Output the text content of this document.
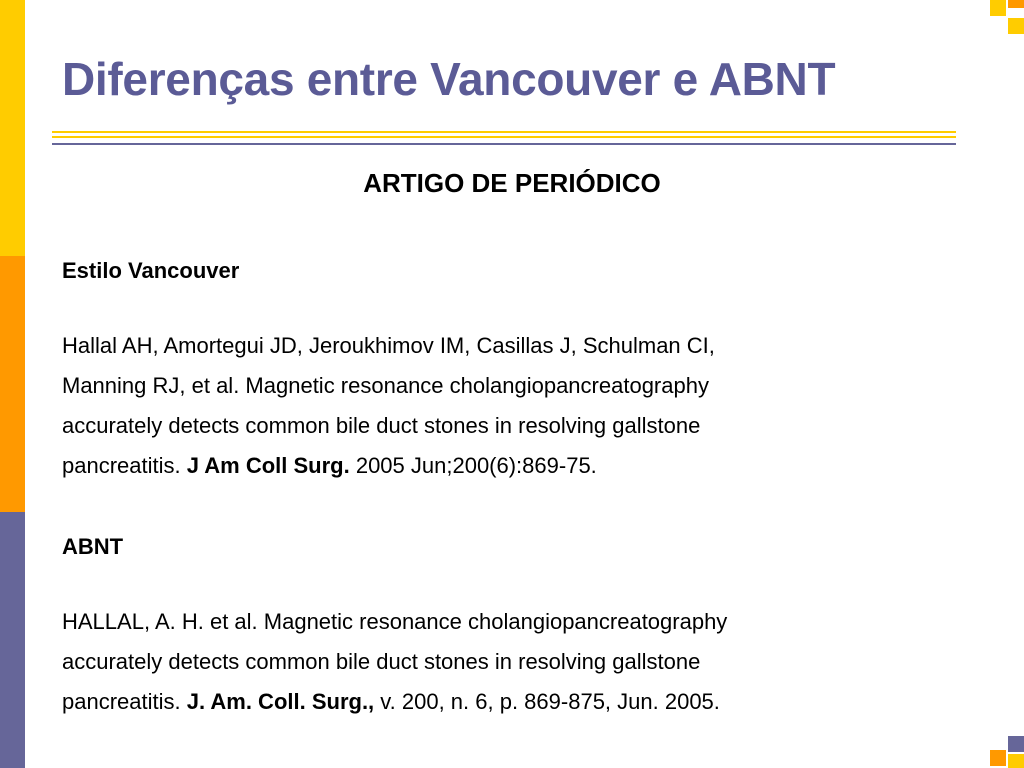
Diferenças entre Vancouver e ABNT
ARTIGO DE PERIÓDICO
Estilo Vancouver
Hallal AH, Amortegui JD, Jeroukhimov IM, Casillas J, Schulman CI,
Manning RJ, et al. Magnetic resonance cholangiopancreatography
accurately detects common bile duct stones in resolving gallstone
pancreatitis. J Am Coll Surg. 2005 Jun;200(6):869-75.
ABNT
HALLAL, A. H. et al. Magnetic resonance cholangiopancreatography
accurately detects common bile duct stones in resolving gallstone
pancreatitis. J. Am. Coll. Surg., v. 200, n. 6, p. 869-875, Jun. 2005.
